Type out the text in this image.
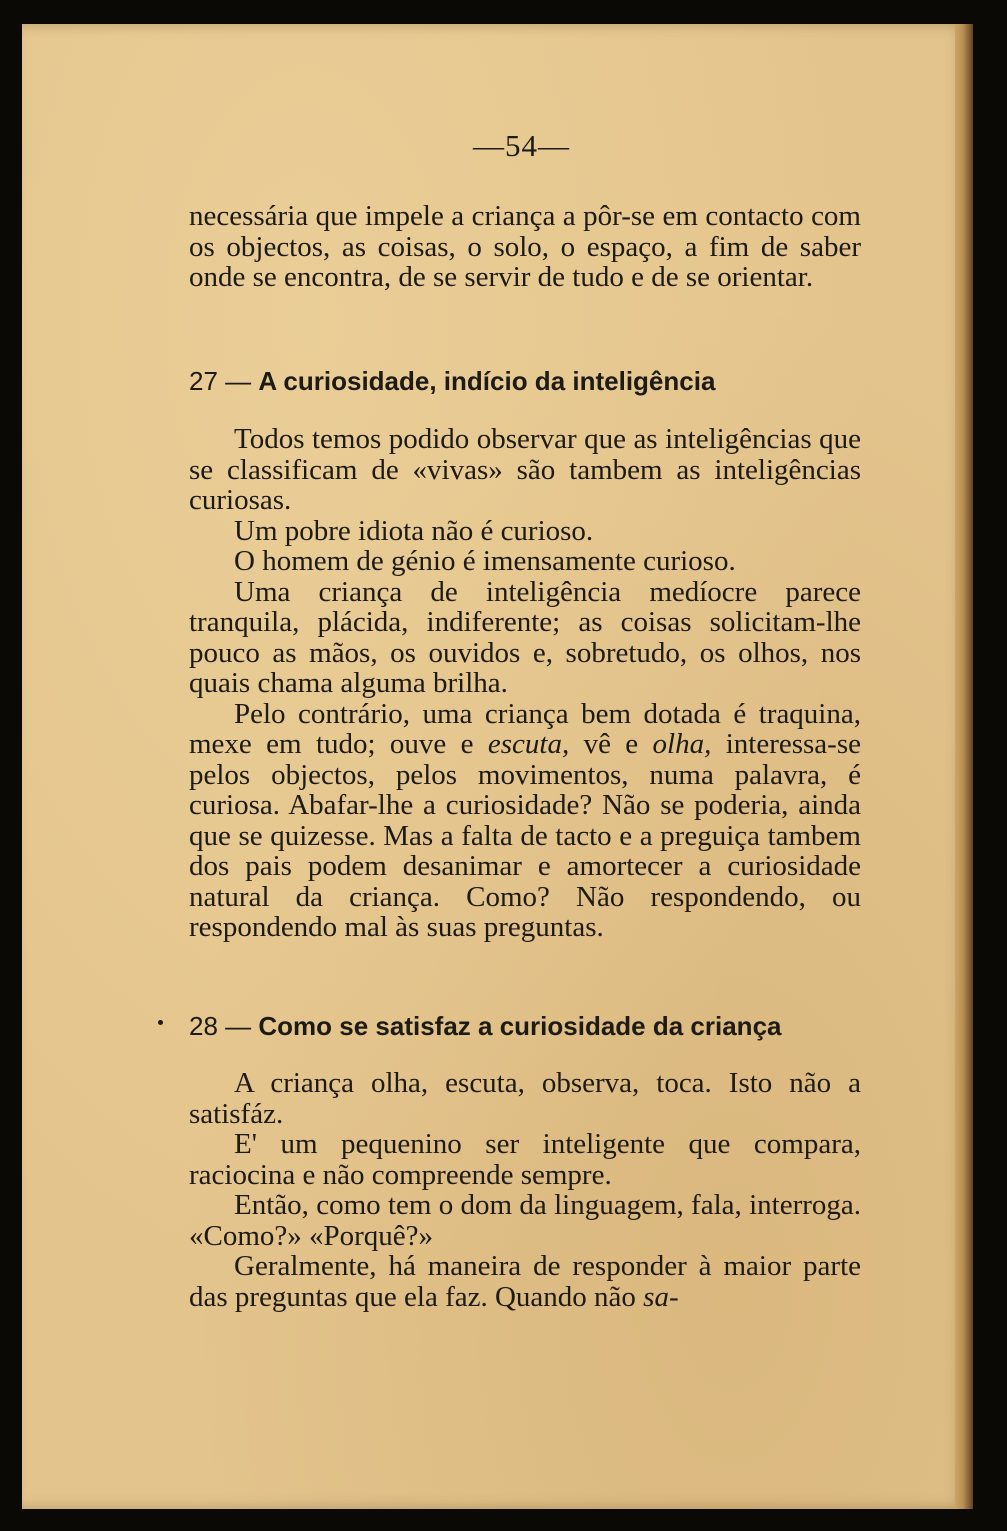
—54—

necessária que impele a criança a pôr-se em contacto com os objectos, as coisas, o solo, o espaço, a fim de saber onde se encontra, de se servir de tudo e de se orientar.

27 — A curiosidade, indício da inteligência

Todos temos podido observar que as inteligências que se classificam de «vivas» são tambem as inteligências curiosas.

Um pobre idiota não é curioso.

O homem de génio é imensamente curioso.

Uma criança de inteligência medíocre parece tranquila, plácida, indiferente; as coisas solicitam-lhe pouco as mãos, os ouvidos e, sobretudo, os olhos, nos quais chama alguma brilha.

Pelo contrário, uma criança bem dotada é traquina, mexe em tudo; ouve e escuta, vê e olha, interessa-se pelos objectos, pelos movimentos, numa palavra, é curiosa. Abafar-lhe a curiosidade? Não se poderia, ainda que se quizesse. Mas a falta de tacto e a preguiça tambem dos pais podem desanimar e amortecer a curiosidade natural da criança. Como? Não respondendo, ou respondendo mal às suas preguntas.

28 — Como se satisfaz a curiosidade da criança

A criança olha, escuta, observa, toca. Isto não a satisfáz.

E' um pequenino ser inteligente que compara, raciocina e não compreende sempre.

Então, como tem o dom da linguagem, fala, interroga. «Como?» «Porquê?»

Geralmente, há maneira de responder à maior parte das preguntas que ela faz. Quando não sa-
